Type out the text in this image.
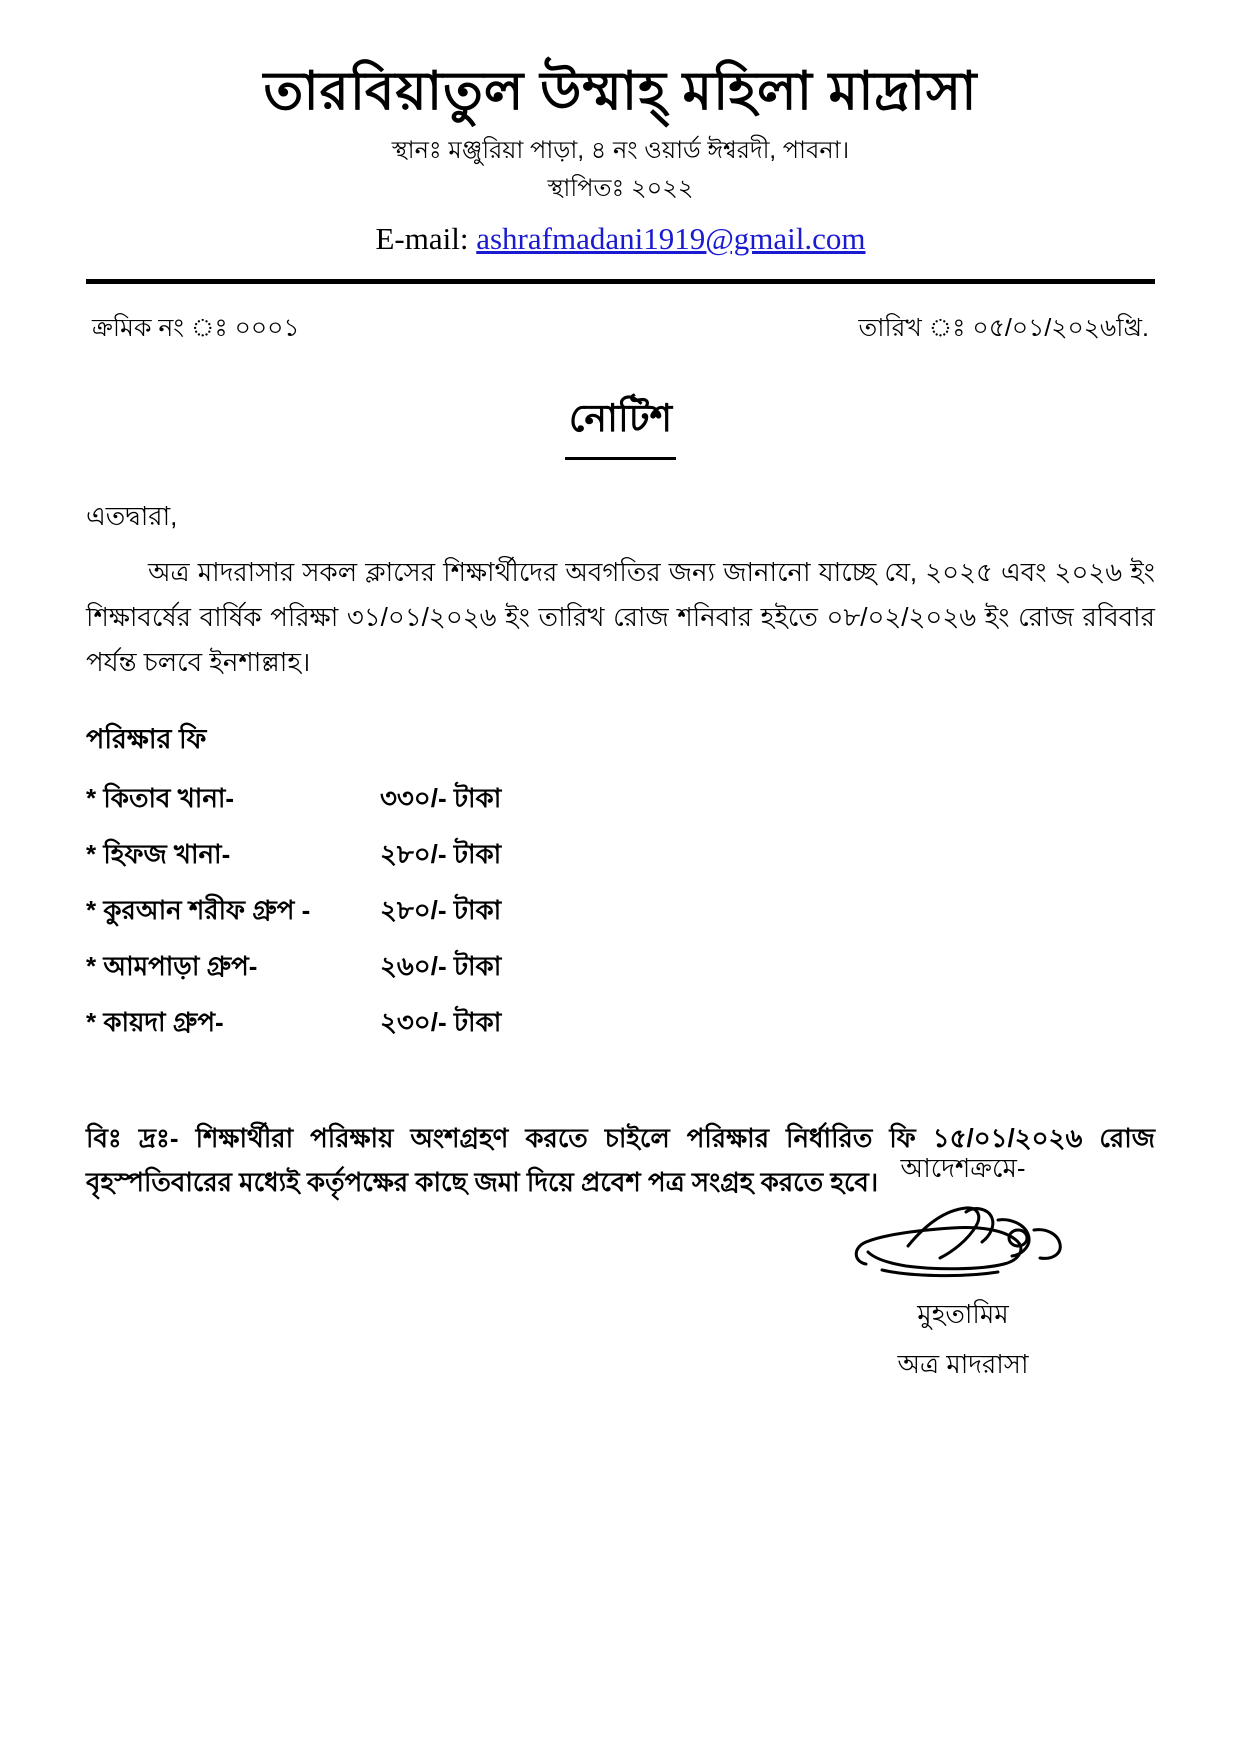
তারবিয়াতুল উম্মাহ্ মহিলা মাদ্রাসা
স্থানঃ মঞ্জুরিয়া পাড়া, ৪ নং ওয়ার্ড ঈশ্বরদী, পাবনা।
স্থাপিতঃ ২০২২
E-mail: ashrafmadani1919@gmail.com
ক্রমিক নং ঃ ০০০১	তারিখ ঃ ০৫/০১/২০২৬খ্রি.
নোটিশ
এতদ্বারা,
অত্র মাদরাসার সকল ক্লাসের শিক্ষার্থীদের অবগতির জন্য জানানো যাচ্ছে যে, ২০২৫ এবং ২০২৬ ইং শিক্ষাবর্ষের বার্ষিক পরিক্ষা ৩১/০১/২০২৬ ইং তারিখ রোজ শনিবার হইতে ০৮/০২/২০২৬ ইং রোজ রবিবার পর্যন্ত চলবে ইনশাল্লাহ।
পরিক্ষার ফি
* কিতাব খানা-	৩৩০/- টাকা
* হিফজ খানা-	২৮০/- টাকা
* কুরআন শরীফ গ্রুপ -	২৮০/- টাকা
* আমপাড়া গ্রুপ-	২৬০/- টাকা
* কায়দা গ্রুপ-	২৩০/- টাকা
বিঃ দ্রঃ- শিক্ষার্থীরা পরিক্ষায় অংশগ্রহণ করতে চাইলে পরিক্ষার নির্ধারিত ফি ১৫/০১/২০২৬ রোজ বৃহস্পতিবারের মধ্যেই কর্তৃপক্ষের কাছে জমা দিয়ে প্রবেশ পত্র সংগ্রহ করতে হবে। আদেশক্রমে-
মুহতামিম
অত্র মাদরাসা
